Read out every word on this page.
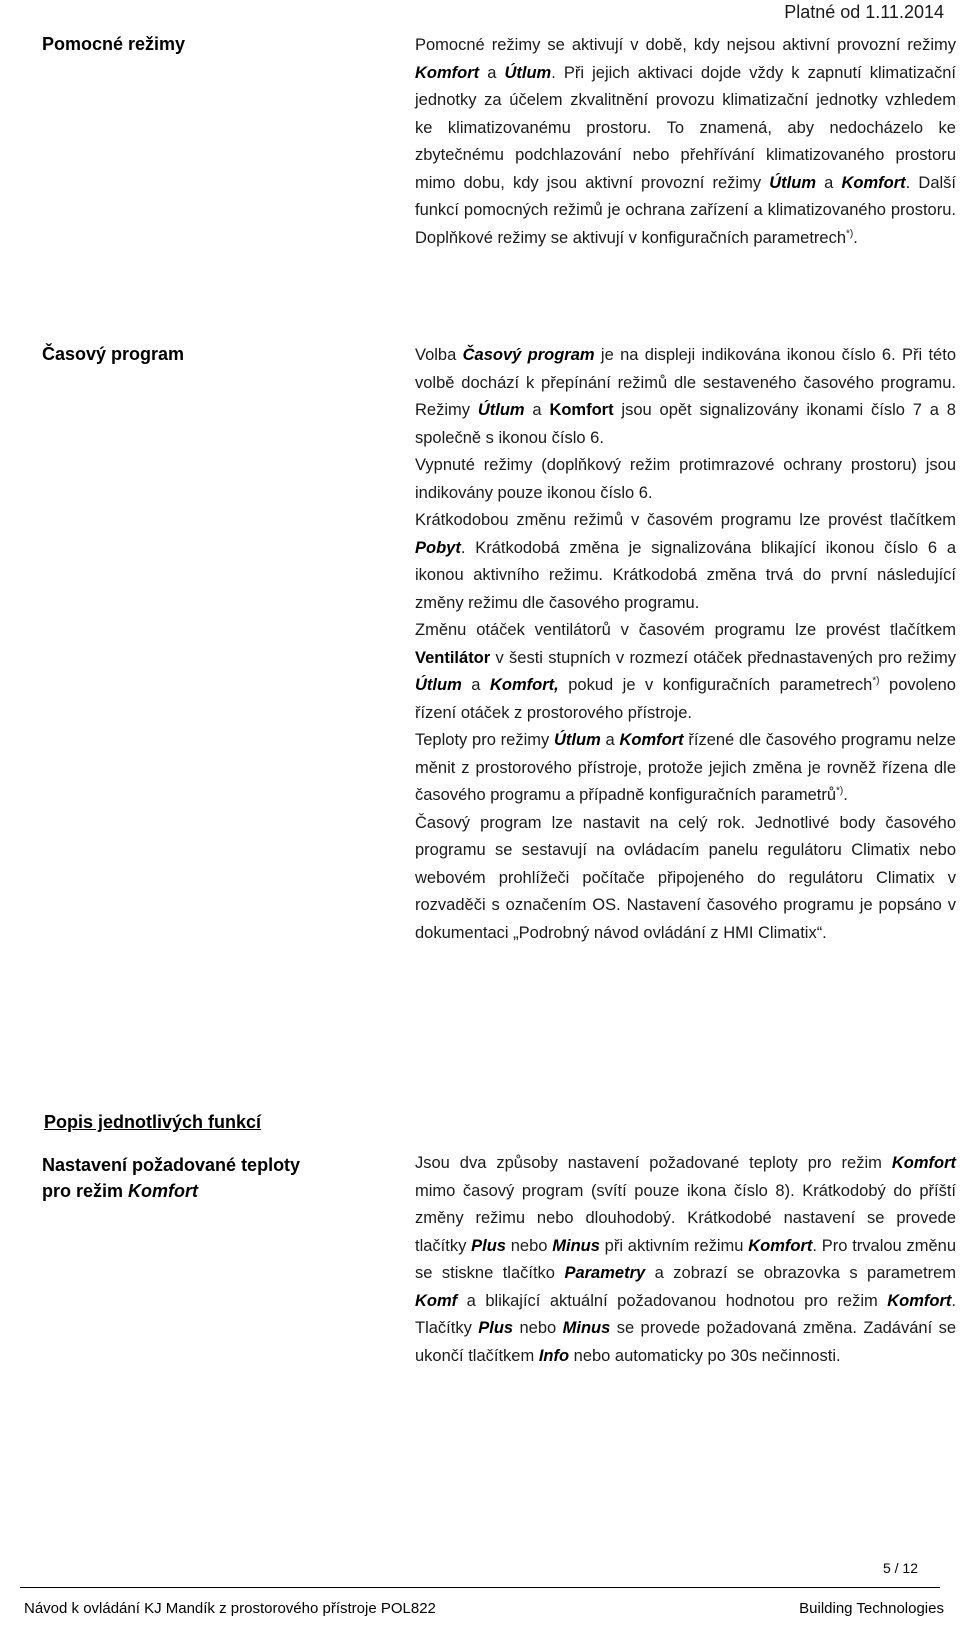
Platné od 1.11.2014
Pomocné režimy	Pomocné režimy se aktivují v době, kdy nejsou aktivní provozní režimy Komfort a Útlum. Při jejich aktivaci dojde vždy k zapnutí klimatizační jednotky za účelem zkvalitnění provozu klimatizační jednotky vzhledem ke klimatizovanému prostoru. To znamená, aby nedocházelo ke zbytečnému podchlazování nebo přehřívání klimatizovaného prostoru mimo dobu, kdy jsou aktivní provozní režimy Útlum a Komfort. Další funkcí pomocných režimů je ochrana zařízení a klimatizovaného prostoru. Doplňkové režimy se aktivují v konfiguračních parametrech*).

Časový program	Volba Časový program je na displeji indikována ikonou číslo 6. Při této volbě dochází k přepínání režimů dle sestaveného časového programu. Režimy Útlum a Komfort jsou opět signalizovány ikonami číslo 7 a 8 společně s ikonou číslo 6.

Vypnuté režimy (doplňkový režim protimrazové ochrany prostoru) jsou indikovány pouze ikonou číslo 6.

Krátkodobou změnu režimů v časovém programu lze provést tlačítkem Pobyt. Krátkodobá změna je signalizována blikající ikonou číslo 6 a ikonou aktivního režimu. Krátkodobá změna trvá do první následující změny režimu dle časového programu.

Změnu otáček ventilátorů v časovém programu lze provést tlačítkem Ventilátor v šesti stupních v rozmezí otáček přednastavených pro režimy Útlum a Komfort, pokud je v konfiguračních parametrech*) povoleno řízení otáček z prostorového přístroje.

Teploty pro režimy Útlum a Komfort řízené dle časového programu nelze měnit z prostorového přístroje, protože jejich změna je rovněž řízena dle časového programu a případně konfiguračních parametrů*).

Časový program lze nastavit na celý rok. Jednotlivé body časového programu se sestavují na ovládacím panelu regulátoru Climatix nebo webovém prohlížeči počítače připojeného do regulátoru Climatix v rozvaděči s označením OS. Nastavení časového programu je popsáno v dokumentaci „Podrobný návod ovládání z HMI Climatix“.

Popis jednotlivých funkcí
Nastavení požadované teploty
pro režim Komfort

Jsou dva způsoby nastavení požadované teploty pro režim Komfort mimo časový program (svítí pouze ikona číslo 8). Krátkodobý do příští změny režimu nebo dlouhodobý. Krátkodobé nastavení se provede tlačítky Plus nebo Minus při aktivním režimu Komfort. Pro trvalou změnu se stiskne tlačítko Parametry a zobrazí se obrazovka s parametrem Komf a blikající aktuální požadovanou hodnotou pro režim Komfort. Tlačítky Plus nebo Minus se provede požadovaná změna. Zadávání se ukončí tlačítkem Info nebo automaticky po 30s nečinnosti.

5 / 12
Návod k ovládání KJ Mandík z prostorového přístroje POL822	Building Technologies
